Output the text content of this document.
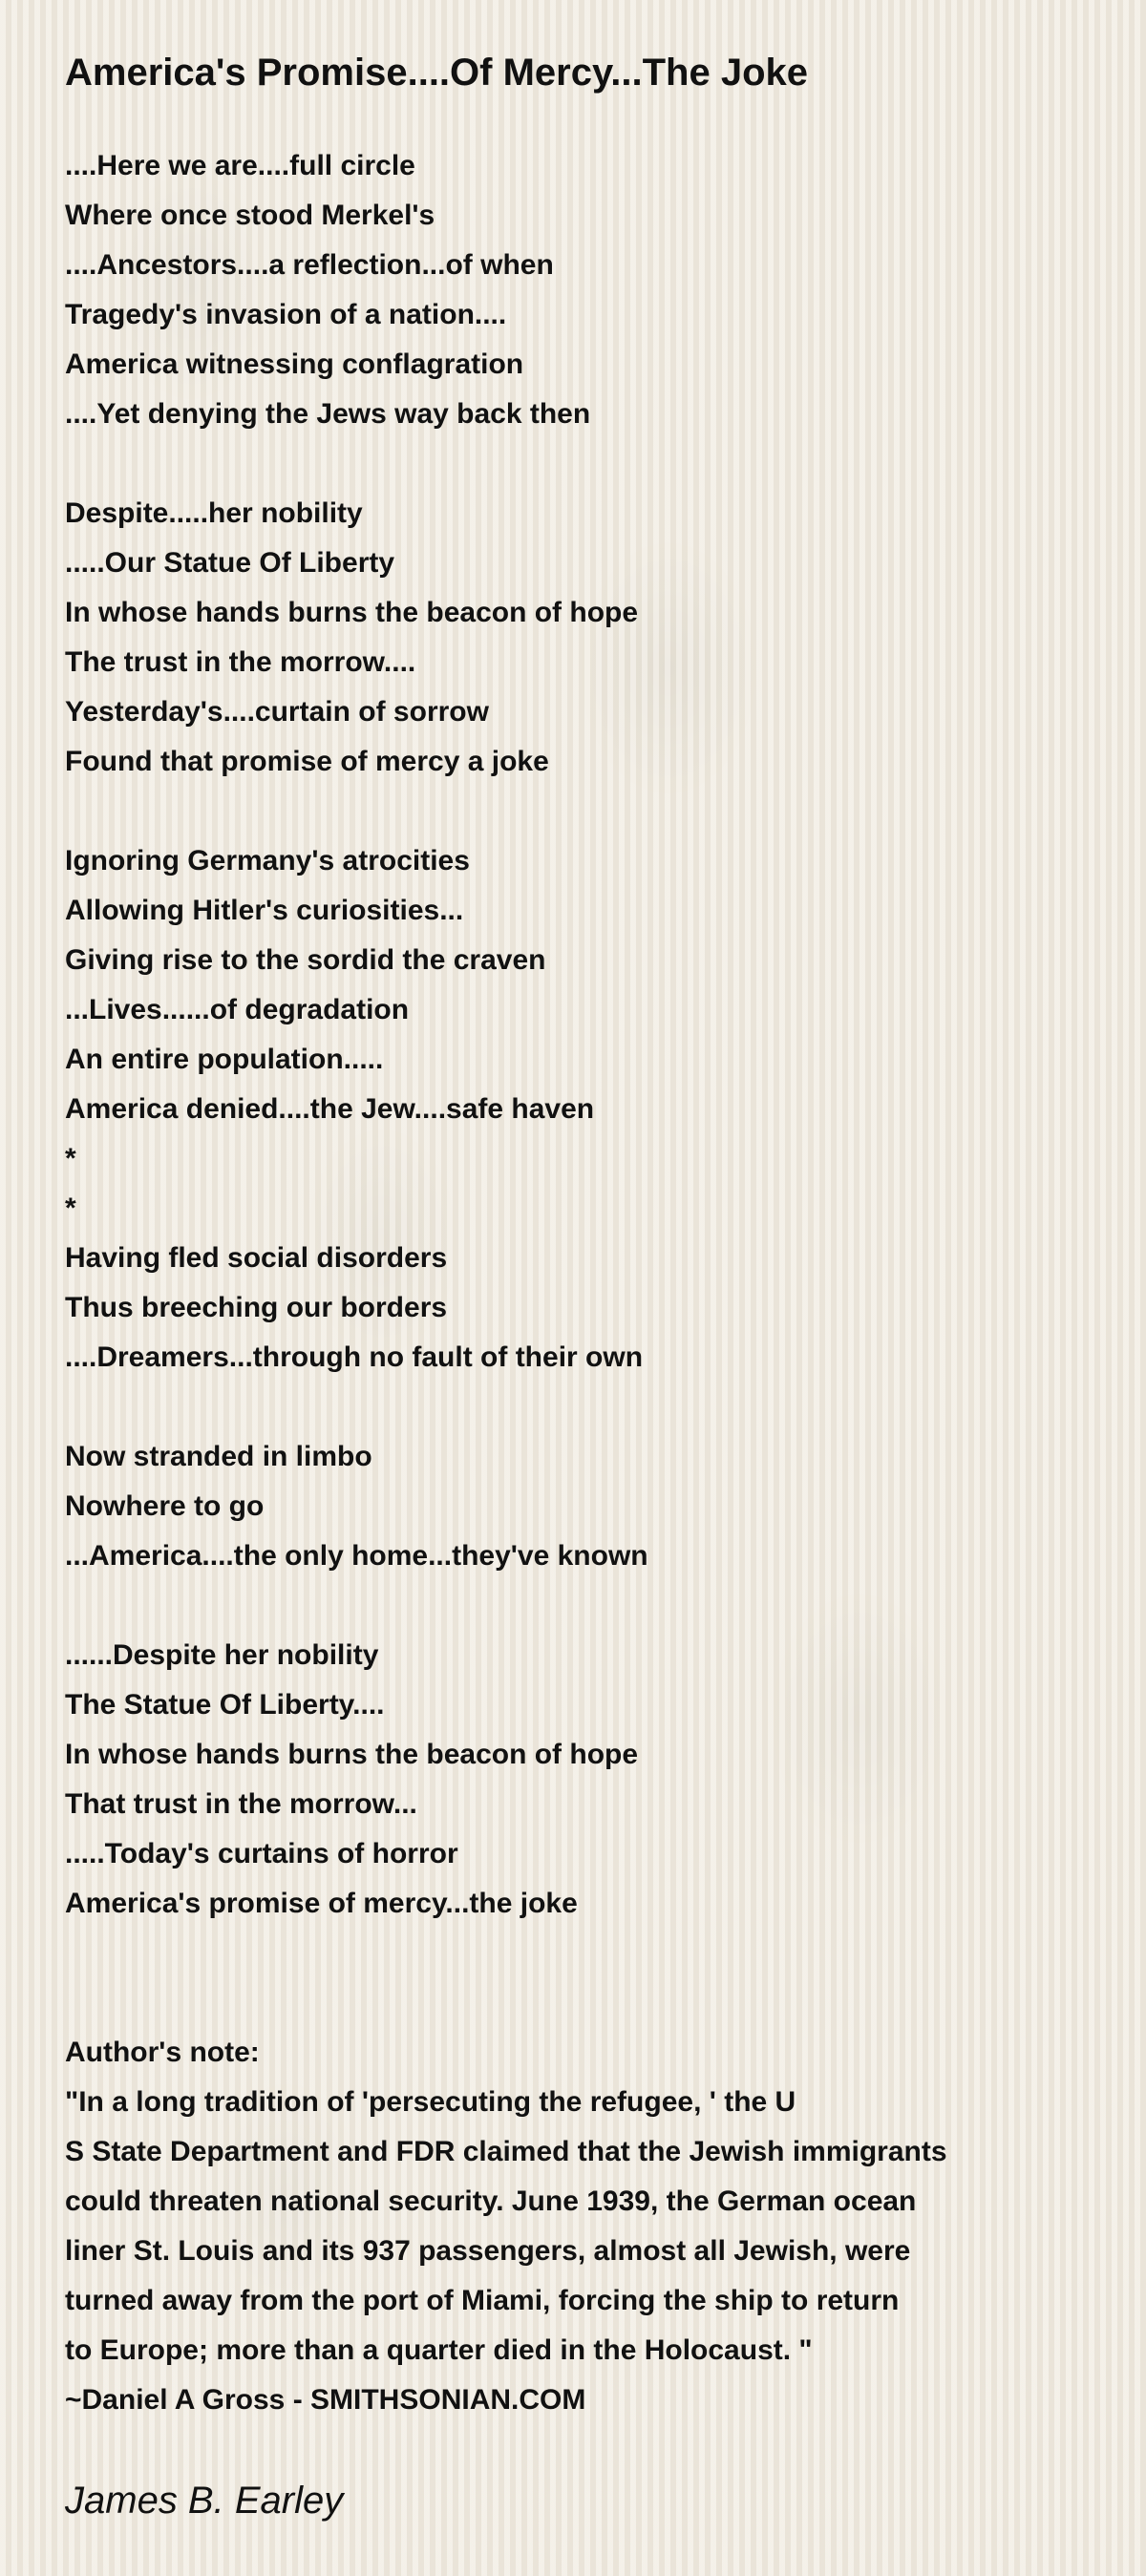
America's Promise....Of Mercy...The Joke
....Here we are....full circle
Where once stood Merkel's
....Ancestors....a reflection...of when
Tragedy's invasion of a nation....
America witnessing conflagration
....Yet denying the Jews way back then
Despite.....her nobility
.....Our Statue Of Liberty
In whose hands burns the beacon of hope
The trust in the morrow....
Yesterday's....curtain of sorrow
Found that promise of mercy a joke
Ignoring Germany's atrocities
Allowing Hitler's curiosities...
Giving rise to the sordid the craven
...Lives......of degradation
An entire population.....
America denied....the Jew....safe haven
*
*
Having fled social disorders
Thus breeching our borders
....Dreamers...through no fault of their own
Now stranded in limbo
Nowhere to go
...America....the only home...they've known
......Despite her nobility
The Statue Of Liberty....
In whose hands burns the beacon of hope
That trust in the morrow...
.....Today's curtains of horror
America's promise of mercy...the joke
Author's note:
"In a long tradition of 'persecuting the refugee, ' the U
S State Department and FDR claimed that the Jewish immigrants
could threaten national security. June 1939, the German ocean
liner St. Louis and its 937 passengers, almost all Jewish, were
turned away from the port of Miami, forcing the ship to return
to Europe; more than a quarter died in the Holocaust. "
~Daniel A Gross - SMITHSONIAN.COM
James B. Earley
